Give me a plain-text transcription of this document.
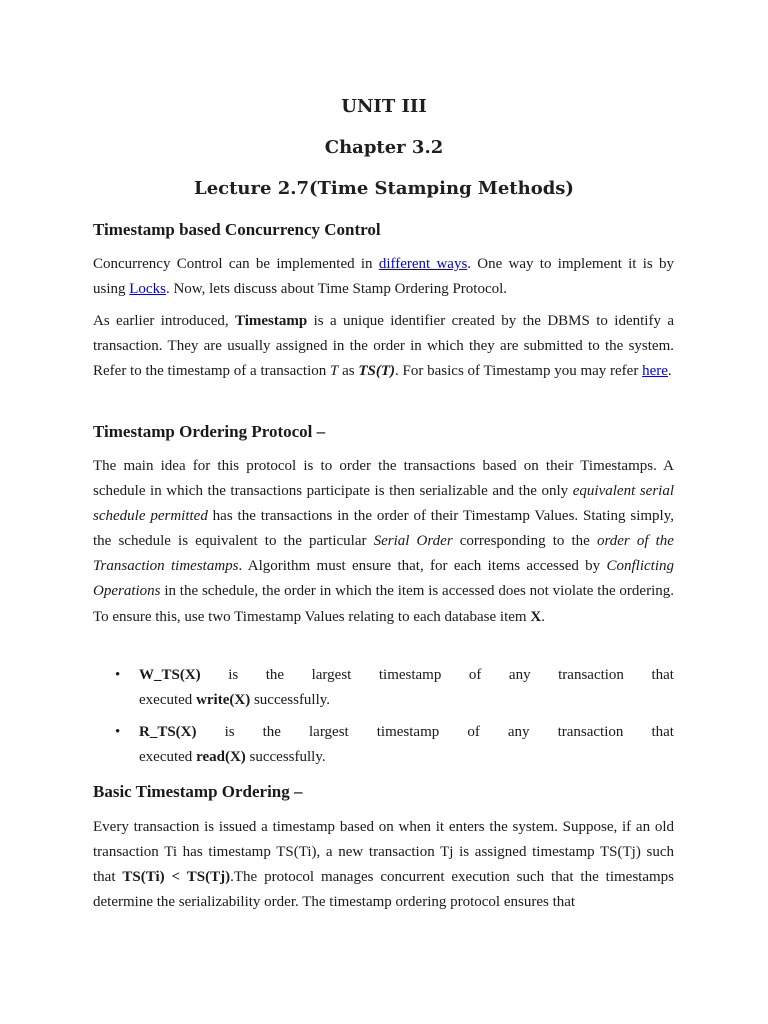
UNIT III
Chapter 3.2
Lecture 2.7(Time Stamping Methods)
Timestamp based Concurrency Control

Concurrency Control can be implemented in different ways. One way to implement it is by using Locks. Now, lets discuss about Time Stamp Ordering Protocol.

As earlier introduced, Timestamp is a unique identifier created by the DBMS to identify a transaction. They are usually assigned in the order in which they are submitted to the system. Refer to the timestamp of a transaction T as TS(T). For basics of Timestamp you may refer here.

Timestamp Ordering Protocol –

The main idea for this protocol is to order the transactions based on their Timestamps. A schedule in which the transactions participate is then serializable and the only equivalent serial schedule permitted has the transactions in the order of their Timestamp Values. Stating simply, the schedule is equivalent to the particular Serial Order corresponding to the order of the Transaction timestamps. Algorithm must ensure that, for each items accessed by Conflicting Operations in the schedule, the order in which the item is accessed does not violate the ordering. To ensure this, use two Timestamp Values relating to each database item X.

• W_TS(X) is the largest timestamp of any transaction that
executed write(X) successfully.
• R_TS(X) is the largest timestamp of any transaction that
executed read(X) successfully.
Basic Timestamp Ordering –

Every transaction is issued a timestamp based on when it enters the system. Suppose, if an old transaction Ti has timestamp TS(Ti), a new transaction Tj is assigned timestamp TS(Tj) such that TS(Ti) < TS(Tj).The protocol manages concurrent execution such that the timestamps determine the serializability order. The timestamp ordering protocol ensures that
